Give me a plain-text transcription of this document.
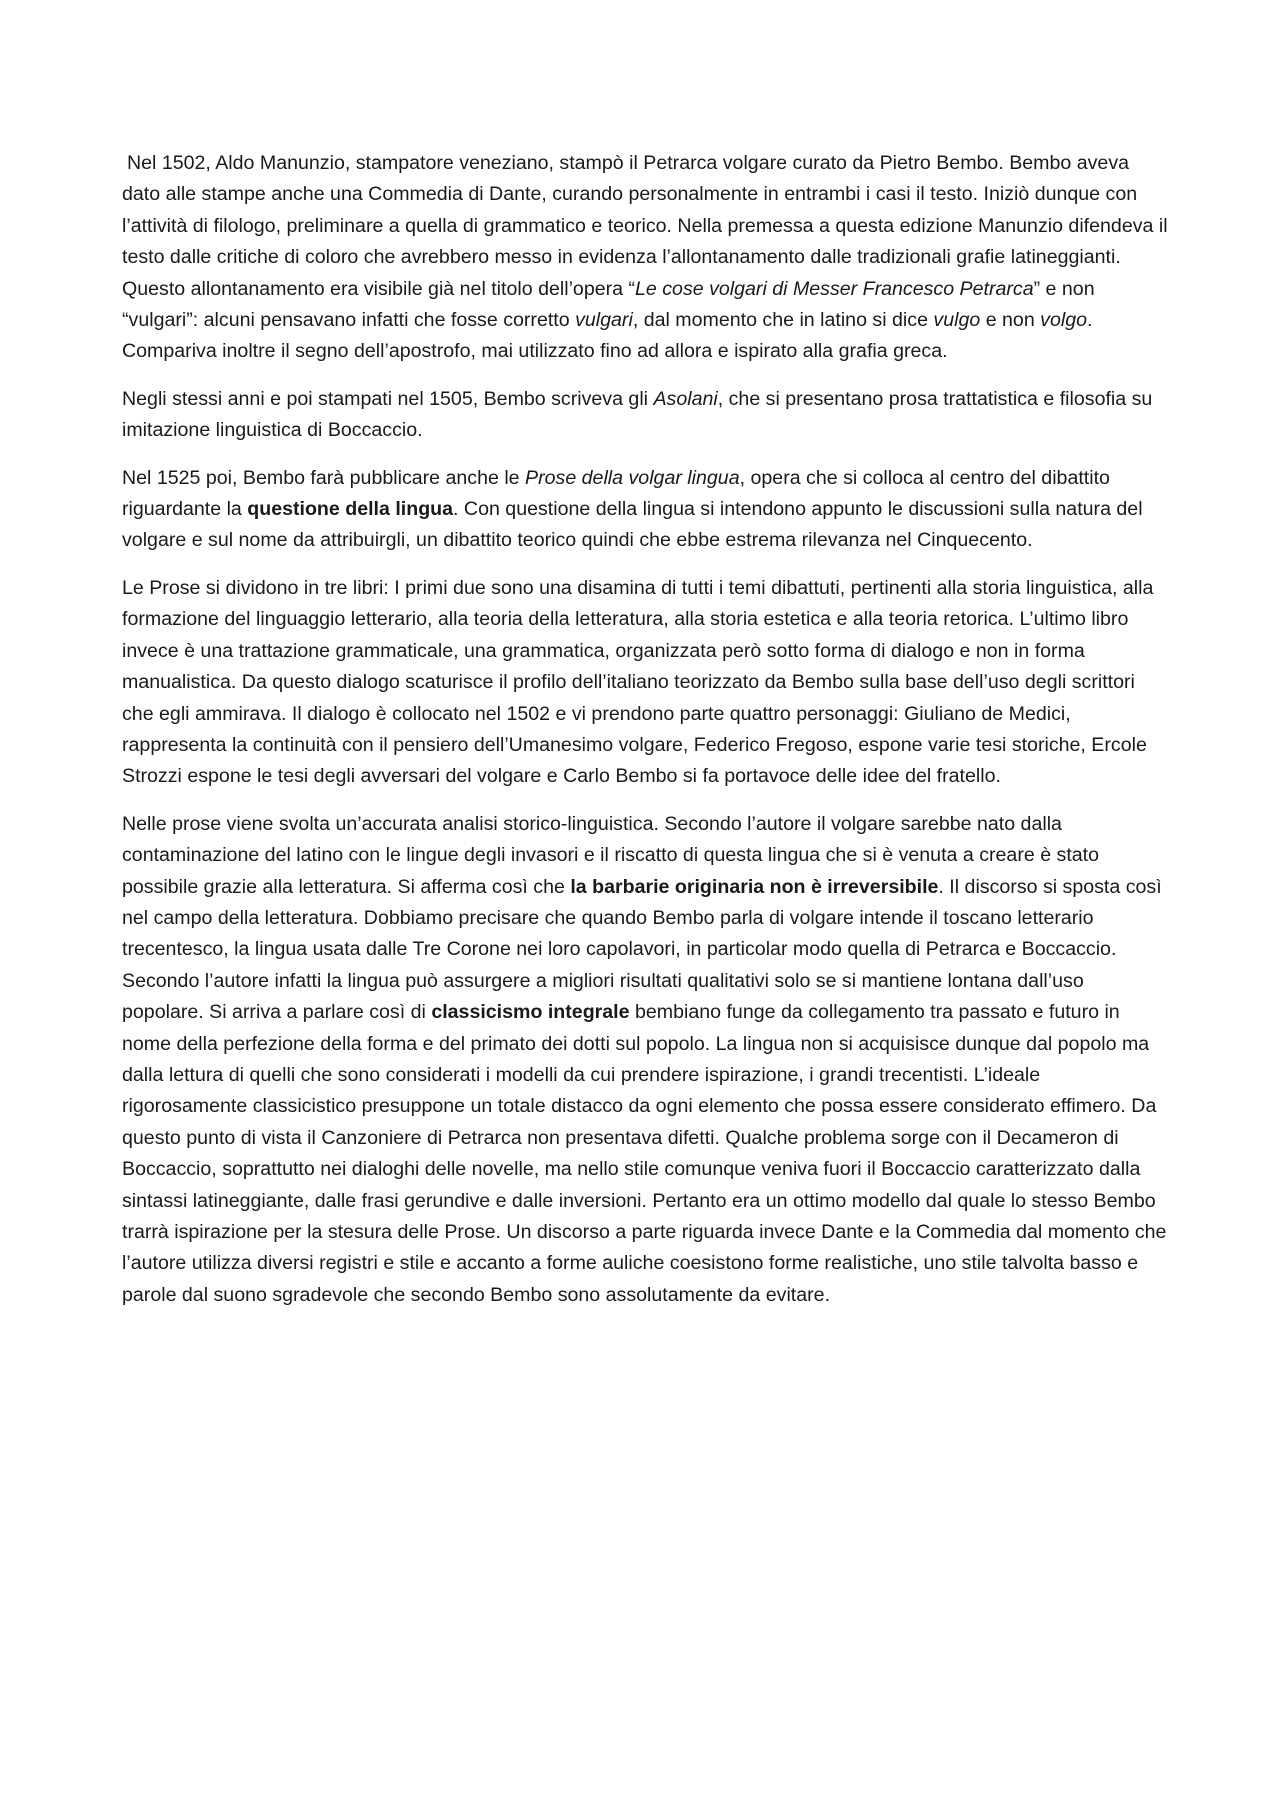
Nel 1502, Aldo Manunzio, stampatore veneziano, stampò il Petrarca volgare curato da Pietro Bembo. Bembo aveva dato alle stampe anche una Commedia di Dante, curando personalmente in entrambi i casi il testo. Iniziò dunque con l’attività di filologo, preliminare a quella di grammatico e teorico. Nella premessa a questa edizione Manunzio difendeva il testo dalle critiche di coloro che avrebbero messo in evidenza l’allontanamento dalle tradizionali grafie latineggianti. Questo allontanamento era visibile già nel titolo dell’opera “Le cose volgari di Messer Francesco Petrarca” e non “vulgari”: alcuni pensavano infatti che fosse corretto vulgari, dal momento che in latino si dice vulgo e non volgo. Compariva inoltre il segno dell’apostrofo, mai utilizzato fino ad allora e ispirato alla grafia greca.

Negli stessi anni e poi stampati nel 1505, Bembo scriveva gli Asolani, che si presentano prosa trattatistica e filosofia su imitazione linguistica di Boccaccio.

Nel 1525 poi, Bembo farà pubblicare anche le Prose della volgar lingua, opera che si colloca al centro del dibattito riguardante la questione della lingua. Con questione della lingua si intendono appunto le discussioni sulla natura del volgare e sul nome da attribuirgli, un dibattito teorico quindi che ebbe estrema rilevanza nel Cinquecento.

Le Prose si dividono in tre libri: I primi due sono una disamina di tutti i temi dibattuti, pertinenti alla storia linguistica, alla formazione del linguaggio letterario, alla teoria della letteratura, alla storia estetica e alla teoria retorica. L’ultimo libro invece è una trattazione grammaticale, una grammatica, organizzata però sotto forma di dialogo e non in forma manualistica. Da questo dialogo scaturisce il profilo dell’italiano teorizzato da Bembo sulla base dell’uso degli scrittori che egli ammirava. Il dialogo è collocato nel 1502 e vi prendono parte quattro personaggi: Giuliano de Medici, rappresenta la continuità con il pensiero dell’Umanesimo volgare, Federico Fregoso, espone varie tesi storiche, Ercole Strozzi espone le tesi degli avversari del volgare e Carlo Bembo si fa portavoce delle idee del fratello.

Nelle prose viene svolta un’accurata analisi storico-linguistica. Secondo l’autore il volgare sarebbe nato dalla contaminazione del latino con le lingue degli invasori e il riscatto di questa lingua che si è venuta a creare è stato possibile grazie alla letteratura. Si afferma così che la barbarie originaria non è irreversibile. Il discorso si sposta così nel campo della letteratura. Dobbiamo precisare che quando Bembo parla di volgare intende il toscano letterario trecentesco, la lingua usata dalle Tre Corone nei loro capolavori, in particolar modo quella di Petrarca e Boccaccio. Secondo l’autore infatti la lingua può assurgere a migliori risultati qualitativi solo se si mantiene lontana dall’uso popolare. Si arriva a parlare così di classicismo integrale bembiano funge da collegamento tra passato e futuro in nome della perfezione della forma e del primato dei dotti sul popolo. La lingua non si acquisisce dunque dal popolo ma dalla lettura di quelli che sono considerati i modelli da cui prendere ispirazione, i grandi trecentisti. L’ideale rigorosamente classicistico presuppone un totale distacco da ogni elemento che possa essere considerato effimero. Da questo punto di vista il Canzoniere di Petrarca non presentava difetti. Qualche problema sorge con il Decameron di Boccaccio, soprattutto nei dialoghi delle novelle, ma nello stile comunque veniva fuori il Boccaccio caratterizzato dalla sintassi latineggiante, dalle frasi gerundive e dalle inversioni. Pertanto era un ottimo modello dal quale lo stesso Bembo trarrà ispirazione per la stesura delle Prose. Un discorso a parte riguarda invece Dante e la Commedia dal momento che l’autore utilizza diversi registri e stile e accanto a forme auliche coesistono forme realistiche, uno stile talvolta basso e parole dal suono sgradevole che secondo Bembo sono assolutamente da evitare.
